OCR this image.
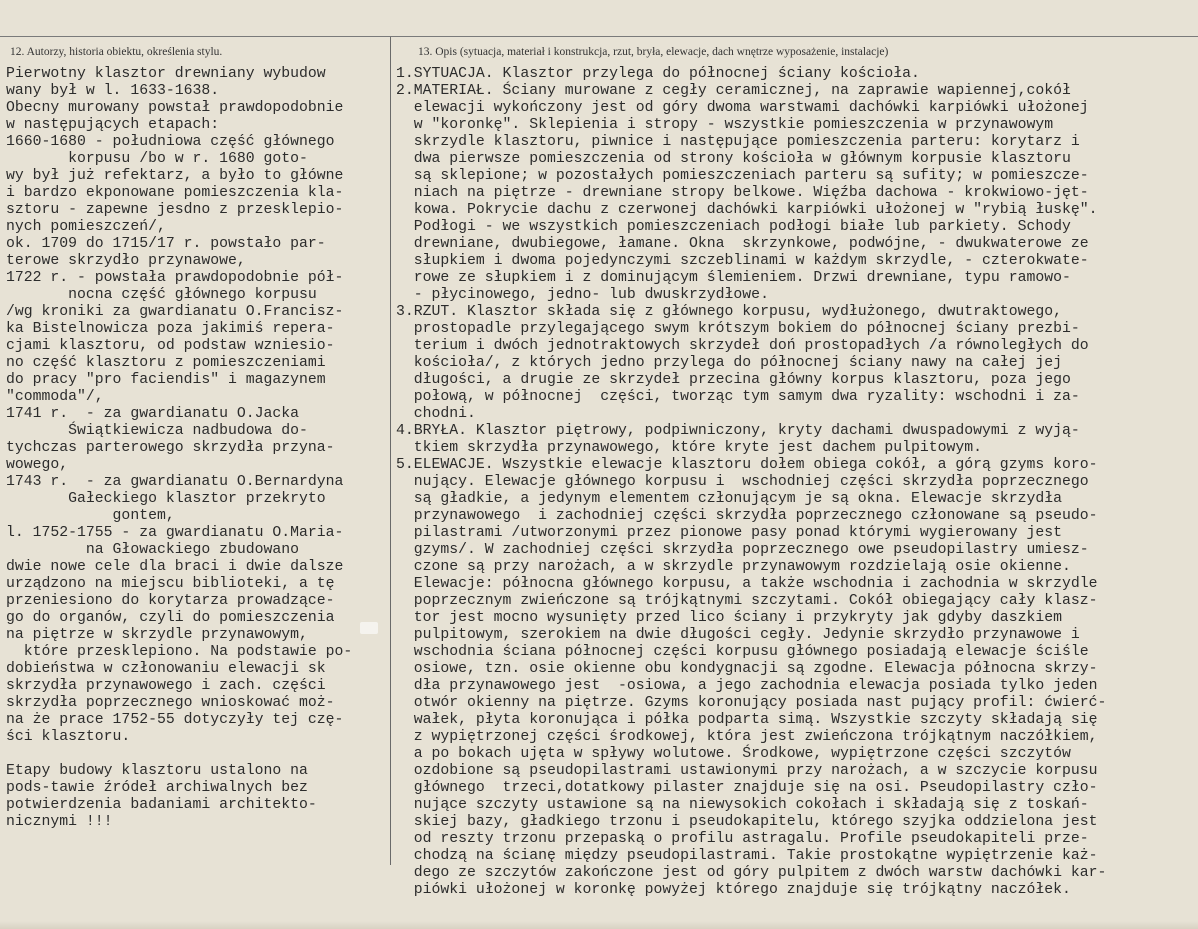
12. Autorzy, historia obiektu, określenia stylu.	13. Opis (sytuacja, materiał i konstrukcja, rzut, bryła, elewacje, dach wnętrze wyposażenie, instalacje)
Pierwotny klasztor drewniany wybudow
wany był w l. 1633-1638.
Obecny murowany powstał prawdopodobnie
w następujących etapach:
1660-1680 - południowa część głównego
korpusu /bo w r. 1680 goto-
wy był już refektarz, a było to główne
i bardzo ekponowane pomieszczenia kla-
sztoru - zapewne jesdno z przesklepio-
nych pomieszczeń/,
ok. 1709 do 1715/17 r. powstało par-
terowe skrzydło przynawowe,
1722 r. - powstała prawdopodobnie pół-
nocna część głównego korpusu
/wg kroniki za gwardianatu O.Francisz-
ka Bistelnowicza poza jakimiś repera-
cjami klasztoru, od podstaw wzniesio-
no część klasztoru z pomieszczeniami
do pracy "pro faciendis" i magazynem
"commoda"/,
1741 r.  - za gwardianatu O.Jacka
Świątkiewicza nadbudowa do-
tychczas parterowego skrzydła przyna-
wowego,
1743 r.  - za gwardianatu O.Bernardyna
Gałeckiego klasztor przekryto
gontem,
l. 1752-1755 - za gwardianatu O.Maria-
na Głowackiego zbudowano
dwie nowe cele dla braci i dwie dalsze
urządzono na miejscu biblioteki, a tę
przeniesiono do korytarza prowadzące-
go do organów, czyli do pomieszczenia
na piętrze w skrzydle przynawowym,
które przesklepiono. Na podstawie po-
dobieństwa w członowaniu elewacji sk
skrzydła przynawowego i zach. części
skrzydła poprzecznego wnioskować moż-
na że prace 1752-55 dotyczyły tej czę-
ści klasztoru.
Etapy budowy klasztoru ustalono na
pods-tawie źródeł archiwalnych bez
potwierdzenia badaniami architekto-
nicznymi !!!
1.SYTUACJA. Klasztor przylega do północnej ściany kościoła.
2.MATERIAŁ. Ściany murowane z cegły ceramicznej, na zaprawie wapiennej,cokół
elewacji wykończony jest od góry dwoma warstwami dachówki karpiówki ułożonej
w "koronkę". Sklepienia i stropy - wszystkie pomieszczenia w przynawowym
skrzydle klasztoru, piwnice i następujące pomieszczenia parteru: korytarz i
dwa pierwsze pomieszczenia od strony kościoła w głównym korpusie klasztoru
są sklepione; w pozostałych pomieszczeniach parteru są sufity; w pomieszcze-
niach na piętrze - drewniane stropy belkowe. Więźba dachowa - krokwiowo-jęt-
kowa. Pokrycie dachu z czerwonej dachówki karpiówki ułożonej w "rybią łuskę".
Podłogi - we wszystkich pomieszczeniach podłogi białe lub parkiety. Schody
drewniane, dwubiegowe, łamane. Okna  skrzynkowe, podwójne, - dwukwaterowe ze
słupkiem i dwoma pojedynczymi szczeblinami w każdym skrzydle, - czterokwate-
rowe ze słupkiem i z dominującym ślemieniem. Drzwi drewniane, typu ramowo-
- płycinowego, jedno- lub dwuskrzydłowe.
3.RZUT. Klasztor składa się z głównego korpusu, wydłużonego, dwutraktowego,
prostopadle przylegającego swym krótszym bokiem do północnej ściany prezbi-
terium i dwóch jednotraktowych skrzydeł doń prostopadłych /a równoległych do
kościoła/, z których jedno przylega do północnej ściany nawy na całej jej
długości, a drugie ze skrzydeł przecina główny korpus klasztoru, poza jego
połową, w północnej  części, tworząc tym samym dwa ryzality: wschodni i za-
chodni.
4.BRYŁA. Klasztor piętrowy, podpiwniczony, kryty dachami dwuspadowymi z wyją-
tkiem skrzydła przynawowego, które kryte jest dachem pulpitowym.
5.ELEWACJE. Wszystkie elewacje klasztoru dołem obiega cokół, a górą gzyms koro-
nujący. Elewacje głównego korpusu i  wschodniej części skrzydła poprzecznego
są gładkie, a jedynym elementem członującym je są okna. Elewacje skrzydła
przynawowego  i zachodniej części skrzydła poprzecznego członowane są pseudo-
pilastrami /utworzonymi przez pionowe pasy ponad którymi wygierowany jest
gzyms/. W zachodniej części skrzydła poprzecznego owe pseudopilastry umiesz-
czone są przy narożach, a w skrzydle przynawowym rozdzielają osie okienne.
Elewacje: północna głównego korpusu, a także wschodnia i zachodnia w skrzydle
poprzecznym zwieńczone są trójkątnymi szczytami. Cokół obiegający cały klasz-
tor jest mocno wysunięty przed lico ściany i przykryty jak gdyby daszkiem
pulpitowym, szerokiem na dwie długości cegły. Jedynie skrzydło przynawowe i
wschodnia ściana północnej części korpusu głównego posiadają elewacje ściśle
osiowe, tzn. osie okienne obu kondygnacji są zgodne. Elewacja północna skrzy-
dła przynawowego jest  -osiowa, a jego zachodnia elewacja posiada tylko jeden
otwór okienny na piętrze. Gzyms koronujący posiada nast pujący profil: ćwierć-
wałek, płyta koronująca i półka podparta simą. Wszystkie szczyty składają się
z wypiętrzonej części środkowej, która jest zwieńczona trójkątnym naczółkiem,
a po bokach ujęta w spływy wolutowe. Środkowe, wypiętrzone części szczytów
ozdobione są pseudopilastrami ustawionymi przy narożach, a w szczycie korpusu
głównego  trzeci,dotatkowy pilaster znajduje się na osi. Pseudopilastry czło-
nujące szczyty ustawione są na niewysokich cokołach i składają się z toskań-
skiej bazy, gładkiego trzonu i pseudokapitelu, którego szyjka oddzielona jest
od reszty trzonu przepaską o profilu astragalu. Profile pseudokapiteli prze-
chodzą na ścianę między pseudopilastrami. Takie prostokątne wypiętrzenie każ-
dego ze szczytów zakończone jest od góry pulpitem z dwóch warstw dachówki kar-
piówki ułożonej w koronkę powyżej którego znajduje się trójkątny naczółek.
